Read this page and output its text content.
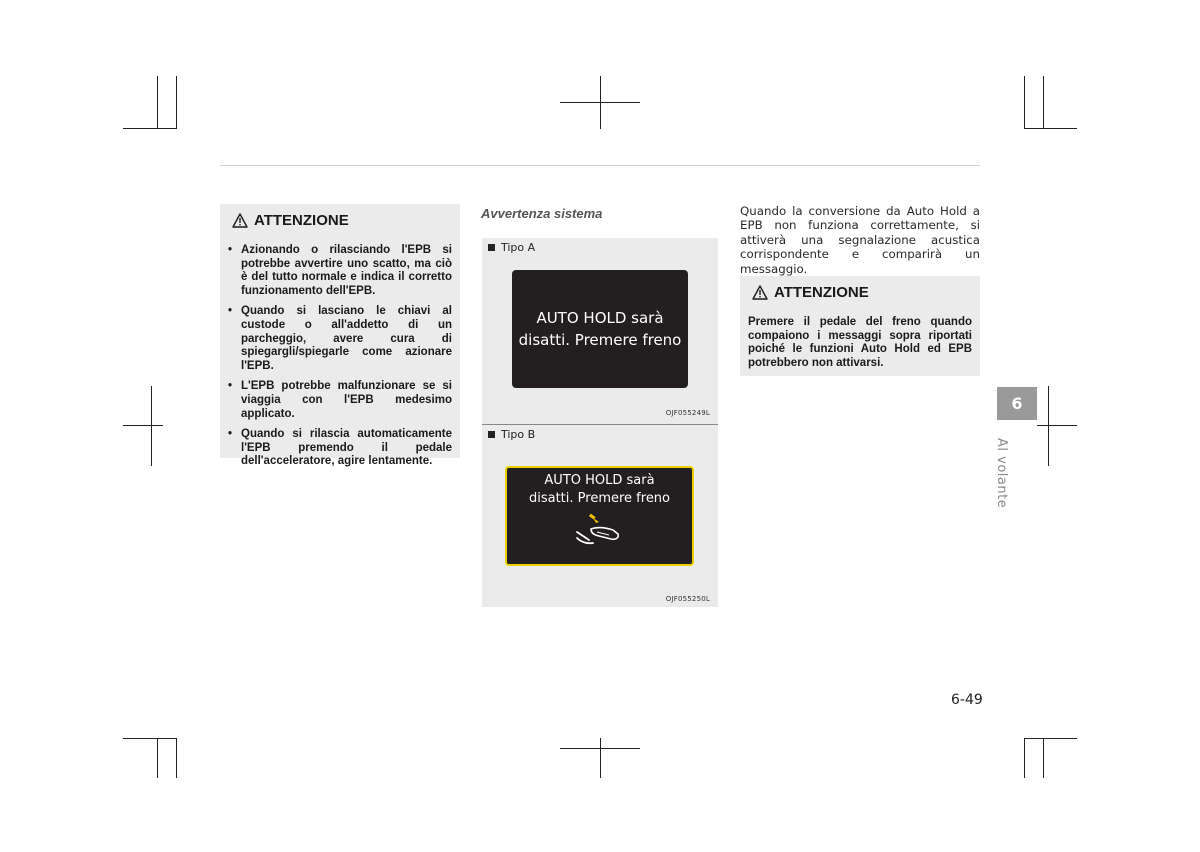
ATTENZIONE
• Azionando o rilasciando l'EPB si potrebbe avvertire uno scatto, ma ciò è del tutto normale e indica il corretto funzionamento dell'EPB.
• Quando si lasciano le chiavi al custode o all'addetto di un parcheggio, avere cura di spiegargli/spiegarle come azionare l'EPB.
• L'EPB potrebbe malfunzionare se si viaggia con l'EPB medesimo applicato.
• Quando si rilascia automaticamente l'EPB premendo il pedale dell'acceleratore, agire lentamente.
Avvertenza sistema
Tipo A
AUTO HOLD sarà
disatti. Premere freno
OJF055249L
Tipo B
AUTO HOLD sarà
disatti. Premere freno
OJF055250L
Quando la conversione da Auto Hold a EPB non funziona correttamente, si attiverà una segnalazione acustica corrispondente e comparirà un messaggio.
ATTENZIONE
Premere il pedale del freno quando compaiono i messaggi sopra riportati poiché le funzioni Auto Hold ed EPB potrebbero non attivarsi.
6
Al volante
6-49
